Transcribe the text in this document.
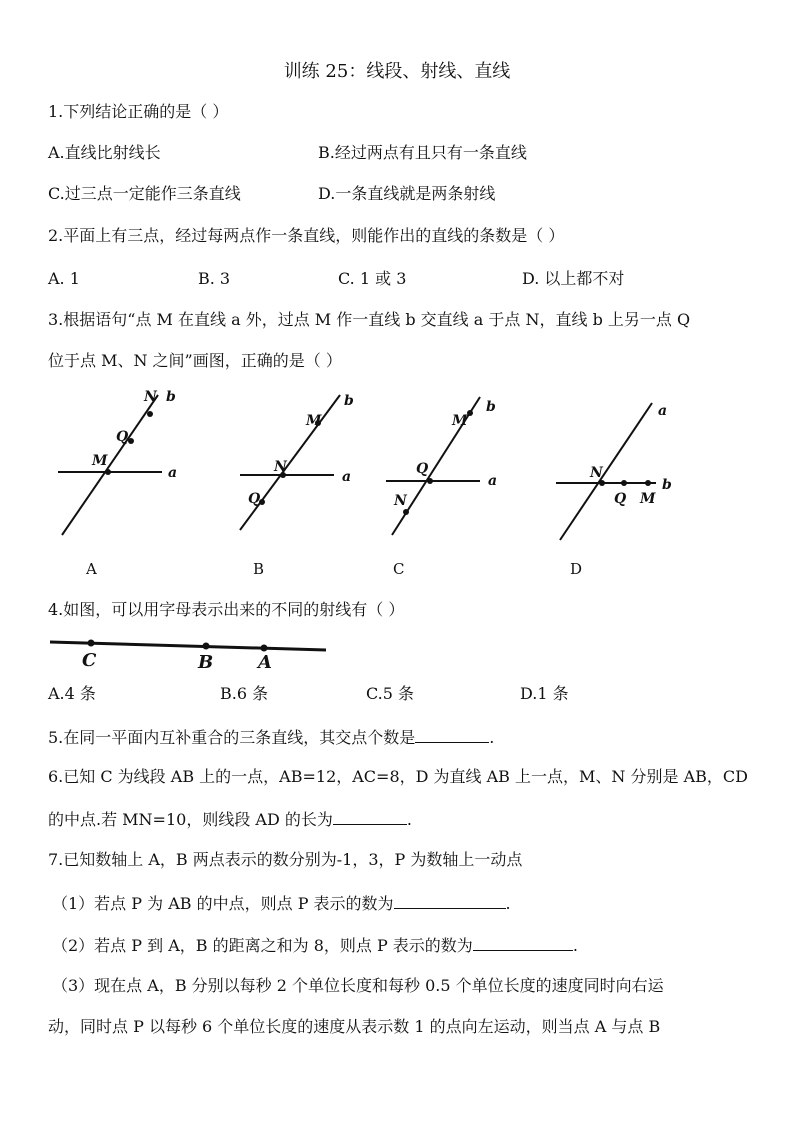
训练 25：线段、射线、直线
1.下列结论正确的是（ ）
A.直线比射线长	B.经过两点有且只有一条直线
C.过三点一定能作三条直线	D.一条直线就是两条射线
2.平面上有三点，经过每两点作一条直线，则能作出的直线的条数是（ ）
A. 1	B. 3	C. 1 或 3	D. 以上都不对
3.根据语句“点 M 在直线 a 外，过点 M 作一直线 b 交直线 a 于点 N，直线 b 上另一点 Q
位于点 M、N 之间”画图，正确的是（ ）
N b
Q
M
a
b
M
N
a
Q
b
M
Q
a
N
a
N
b
Q M
A	B	C	D
4.如图，可以用字母表示出来的不同的射线有（ ）
C	B A
A.4 条	B.6 条	C.5 条	D.1 条
5.在同一平面内互补重合的三条直线，其交点个数是	.
6.已知 C 为线段 AB 上的一点，AB=12，AC=8，D 为直线 AB 上一点，M、N 分别是 AB，CD
的中点.若 MN=10，则线段 AD 的长为	.
7.已知数轴上 A，B 两点表示的数分别为-1，3，P 为数轴上一动点
（1）若点 P 为 AB 的中点，则点 P 表示的数为	.
（2）若点 P 到 A，B 的距离之和为 8，则点 P 表示的数为	.
（3）现在点 A，B 分别以每秒 2 个单位长度和每秒 0.5 个单位长度的速度同时向右运
动，同时点 P 以每秒 6 个单位长度的速度从表示数 1 的点向左运动，则当点 A 与点 B
